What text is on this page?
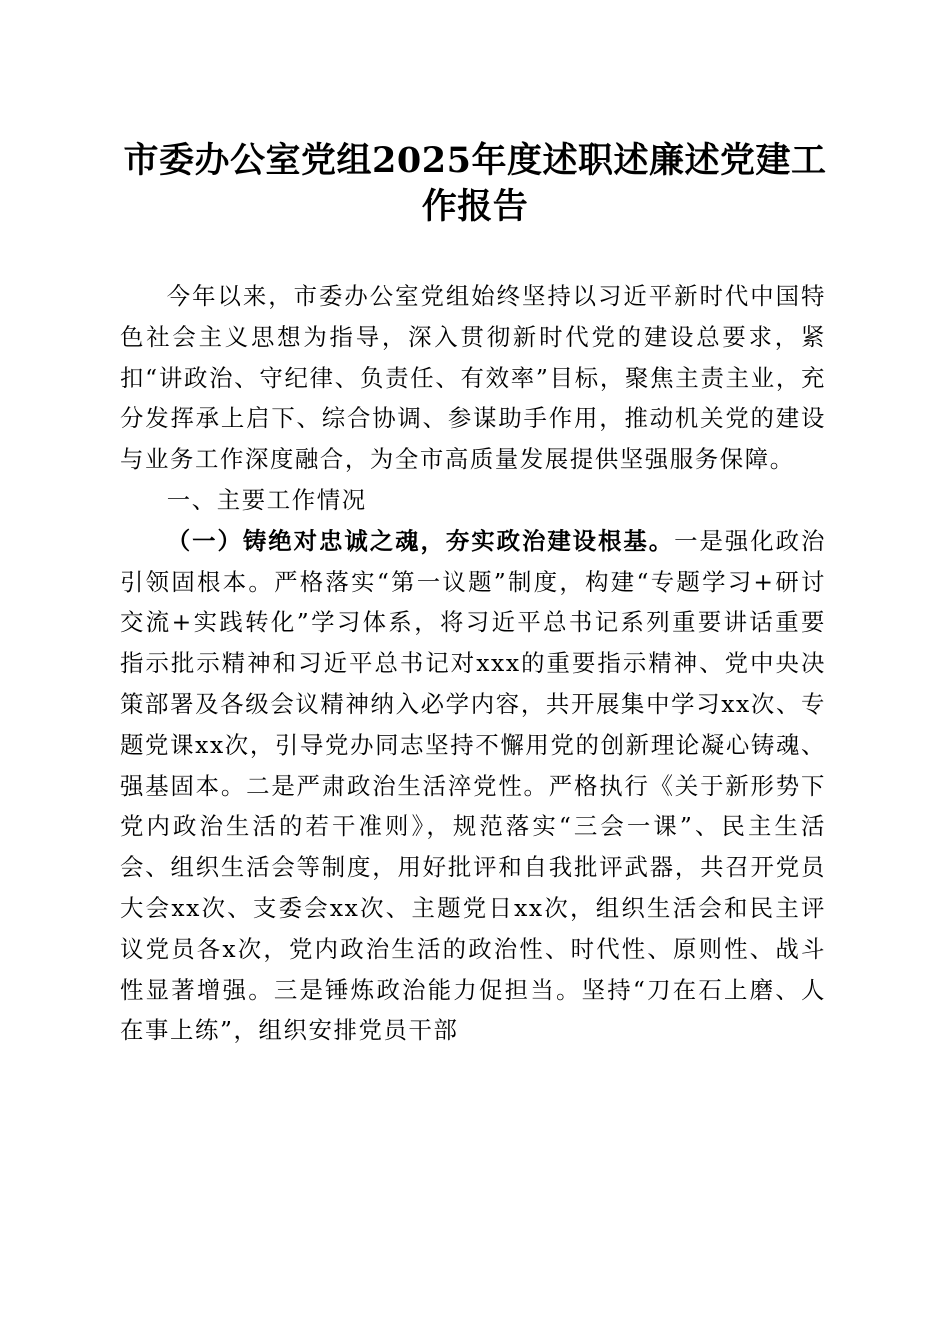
市委办公室党组2025年度述职述廉述党建工作报告

今年以来，市委办公室党组始终坚持以习近平新时代中国特色社会主义思想为指导，深入贯彻新时代党的建设总要求，紧扣“讲政治、守纪律、负责任、有效率”目标，聚焦主责主业，充分发挥承上启下、综合协调、参谋助手作用，推动机关党的建设与业务工作深度融合，为全市高质量发展提供坚强服务保障。

一、主要工作情况

（一）铸绝对忠诚之魂，夯实政治建设根基。一是强化政治引领固根本。严格落实“第一议题”制度，构建“专题学习+研讨交流+实践转化”学习体系，将习近平总书记系列重要讲话重要指示批示精神和习近平总书记对xxx的重要指示精神、党中央决策部署及各级会议精神纳入必学内容，共开展集中学习xx次、专题党课xx次，引导党办同志坚持不懈用党的创新理论凝心铸魂、强基固本。二是严肃政治生活淬党性。严格执行《关于新形势下党内政治生活的若干准则》，规范落实“三会一课”、民主生活会、组织生活会等制度，用好批评和自我批评武器，共召开党员大会xx次、支委会xx次、主题党日xx次，组织生活会和民主评议党员各x次，党内政治生活的政治性、时代性、原则性、战斗性显著增强。三是锤炼政治能力促担当。坚持“刀在石上磨、人在事上练”，组织安排党员干部
